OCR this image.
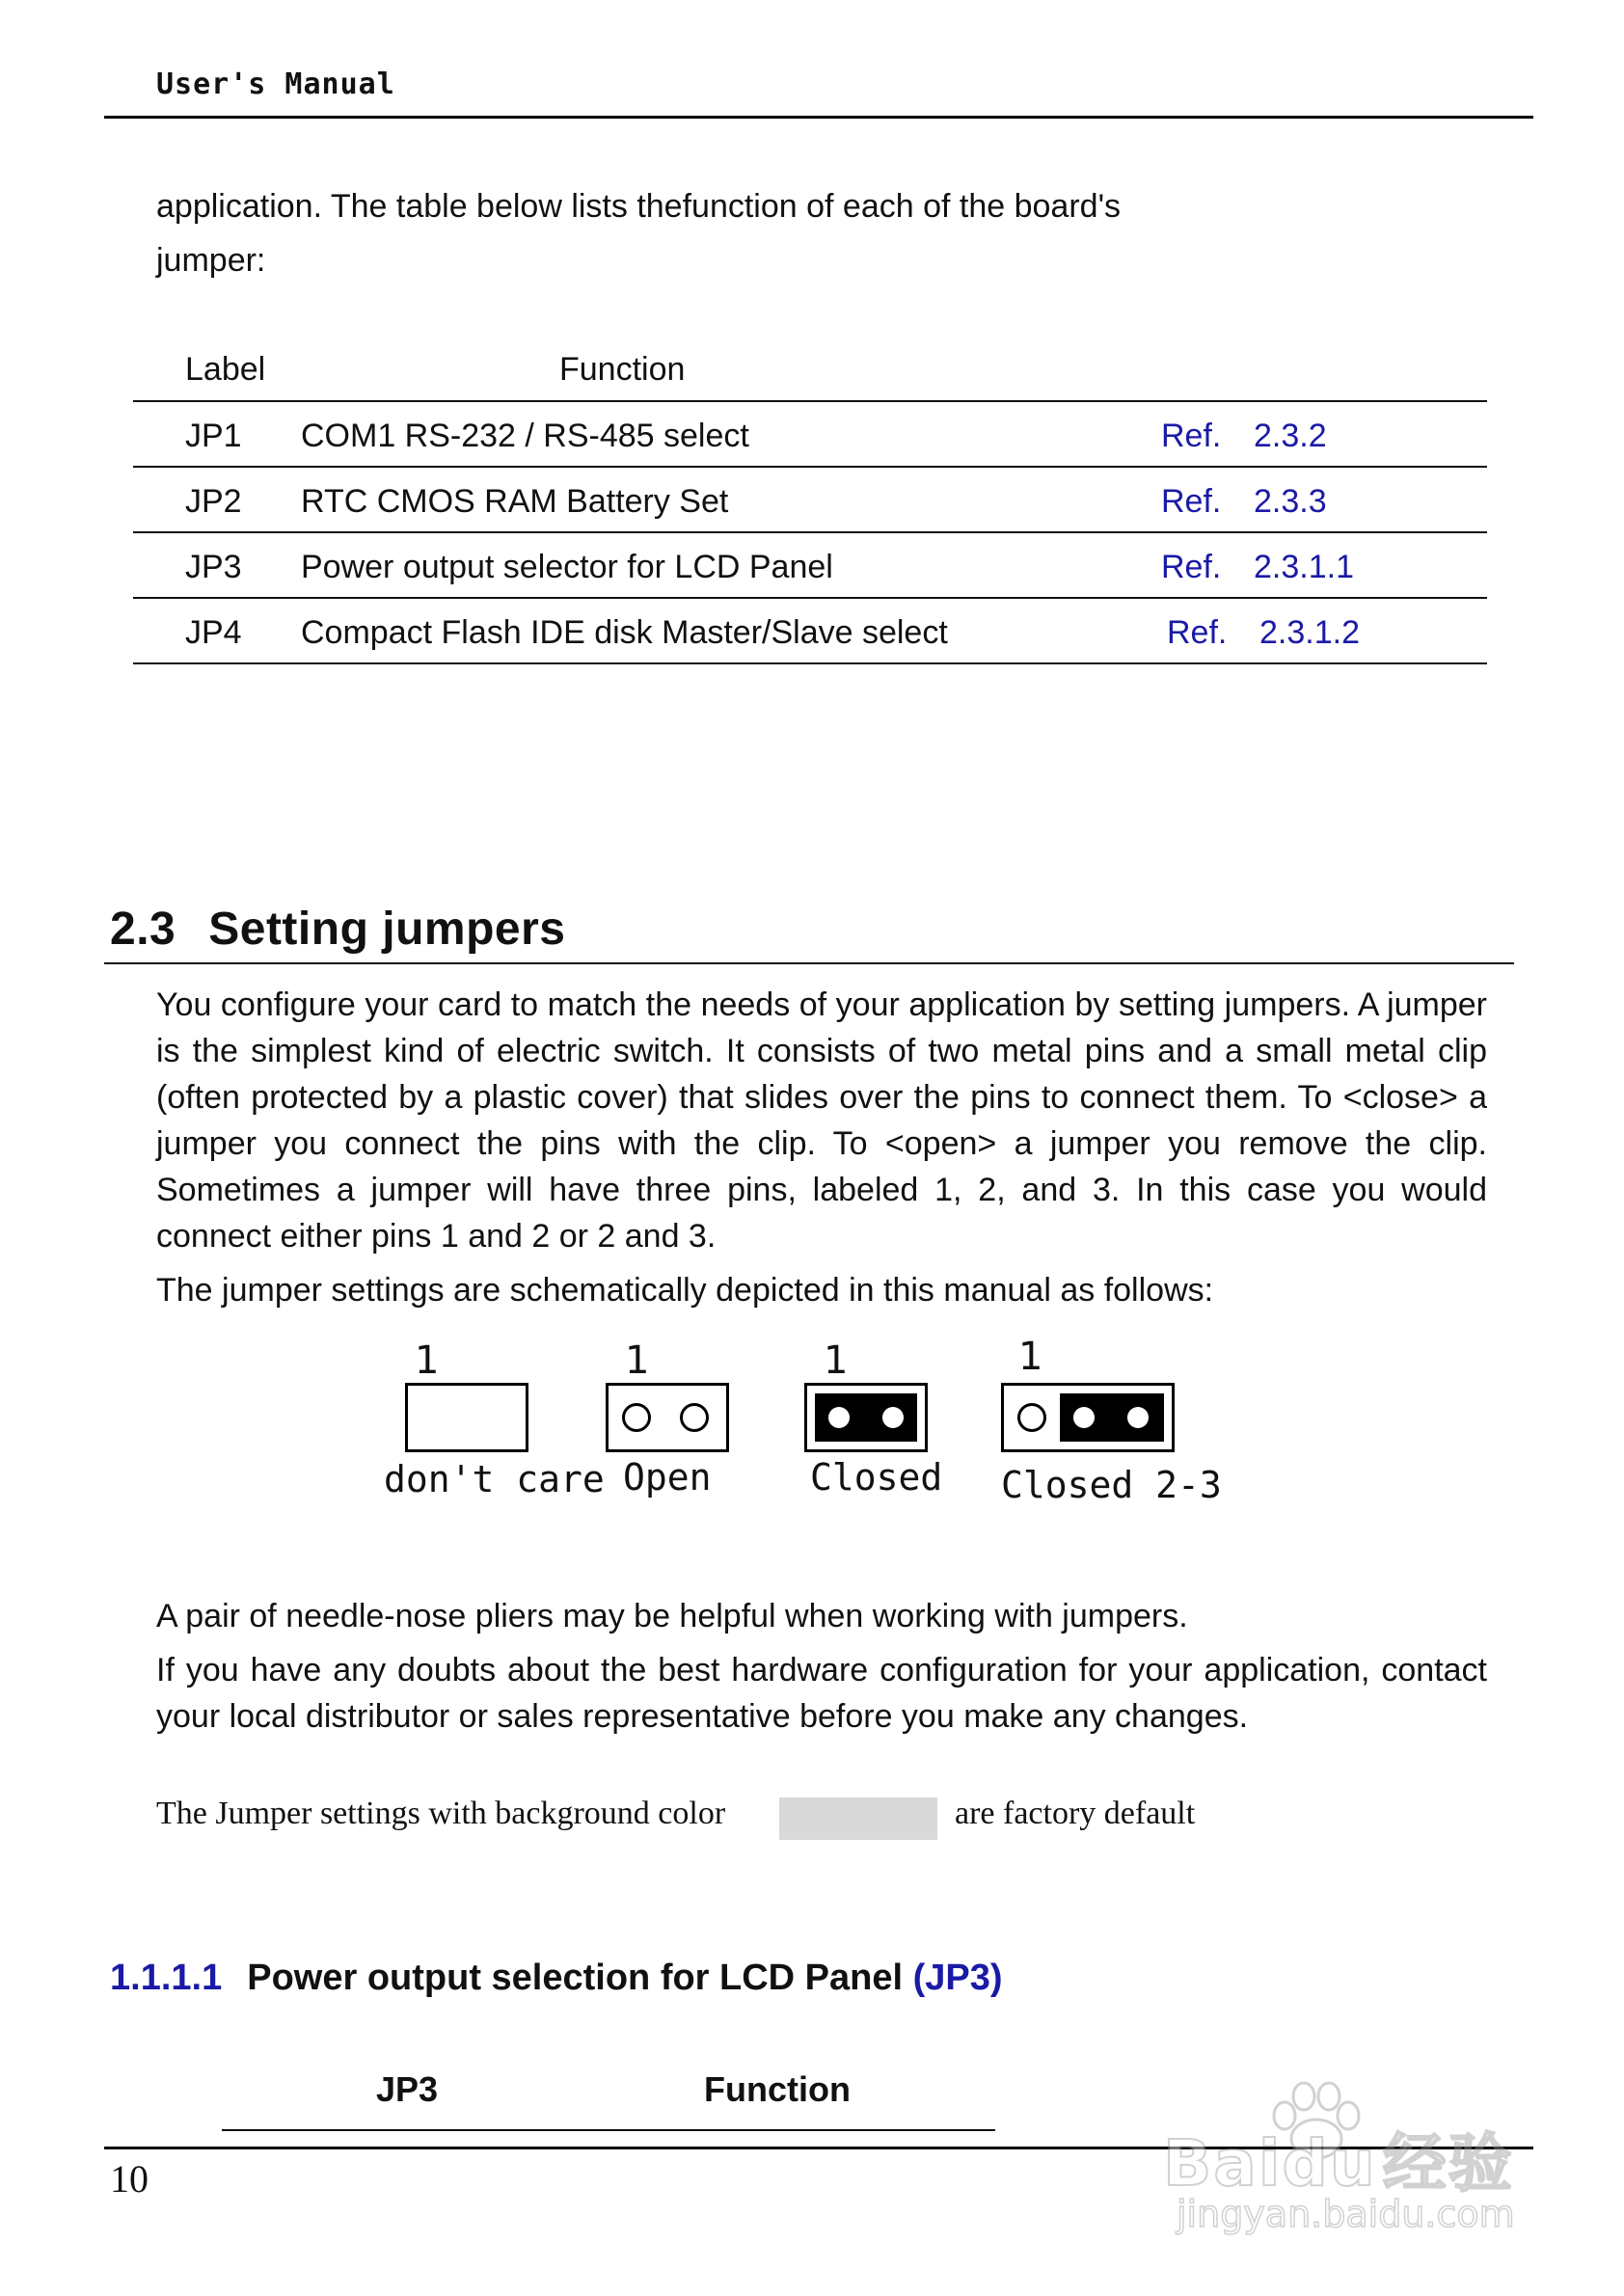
User's Manual
application. The table below lists thefunction of each of the board's jumper:
Label	Function
JP1 COM1 RS-232 / RS-485 select	Ref. 2.3.2
JP2 RTC CMOS RAM Battery Set	Ref. 2.3.3
JP3 Power output selector for LCD Panel	Ref. 2.3.1.1
JP4 Compact Flash IDE disk Master/Slave select	Ref. 2.3.1.2
2.3 Setting jumpers
You configure your card to match the needs of your application by setting jumpers. A jumper is the simplest kind of electric switch. It consists of two metal pins and a small metal clip (often protected by a plastic cover) that slides over the pins to connect them. To <close> a jumper you connect the pins with the clip. To <open> a jumper you remove the clip. Sometimes a jumper will have three pins, labeled 1, 2, and 3. In this case you would connect either pins 1 and 2 or 2 and 3.
The jumper settings are schematically depicted in this manual as follows:
1
don't care
1
Open
1
Closed
1
Closed 2-3
A pair of needle-nose pliers may be helpful when working with jumpers.
If you have any doubts about the best hardware configuration for your application, contact your local distributor or sales representative before you make any changes.
The Jumper settings with background color	are factory default
1.1.1.1 Power output selection for LCD Panel (JP3)
JP3	Function
10	Baidu经验
jingyan.baidu.com
